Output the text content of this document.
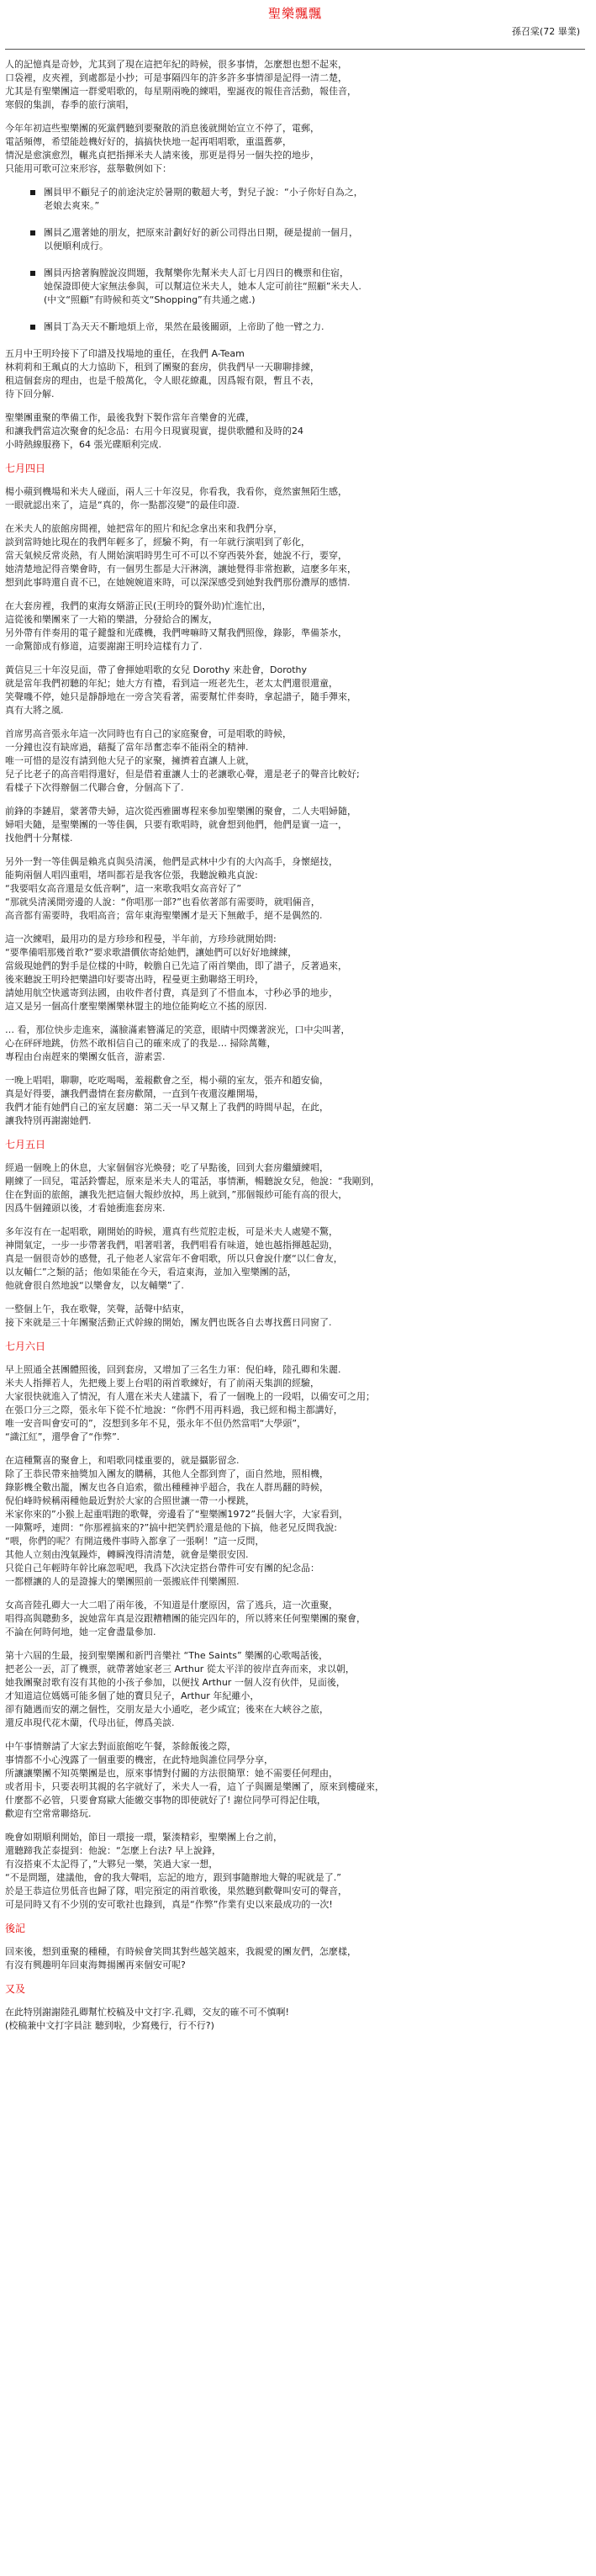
聖樂飄飄
孫召棠(72 畢業)

人的記憶真是奇妙，尤其到了現在這把年紀的時候，很多事情，怎麼想也想不起來，
口袋裡，皮夾裡，到處都是小抄；可是事隔四年的許多許多事情卻是記得一清二楚，
尤其是有聖樂團這一群愛唱歌的，每星期兩晚的練唱，聖誕夜的報佳音活動，報佳音，
寒假的集訓，春季的旅行演唱，

今年年初這些聖樂團的死黨們聽到要聚散的消息後就開始宣立不停了，電郵，
電話頻傳，希望能趁機好好的，搞搞快快地一起再唱唱歌，重溫舊夢，
情況是愈演愈烈，輾兆貞把指揮米夫人請來後，那更是得另一個失控的地步，
只能用可歌可泣來形容，茲舉數例如下：

團員甲不顧兒子的前途決定於暑期的數超大考，對兒子說：“小子你好自為之，
老娘去爽來。”
團員乙還著她的朋友，把原來計劃好好的新公司得出日期，硬是提前一個月，
以便順利成行。
團員丙捨著胸膛說沒問題，我幫樂你先幫米夫人訂七月四日的機票和住宿，
她保證即使大家無法參與，可以幫這位米夫人，她本人定可前往“照顧”米夫人.
(中文“照顧”有時候和英文“Shopping”有共通之處.)
團員丁為天天不斷地煩上帝，果然在最後關頭，上帝助了他一臂之力.

五月中王明玲接下了印譜及找場地的重任，在我們 A-Team
林莉莉和王珮貞的大力協助下，租到了團聚的套房，供我們早一天聊聊排練，
租這個套房的理由，也是千般萬化，令人眼花繚亂，因爲報有限，暫且不表，
待下回分解.

聖樂團重聚的準備工作，最後我對下製作當年音樂會的光碟，
和讓我們當這次聚會的紀念品：右用今日現實現實，提供歌體和及時的24
小時熱線服務下，64 張光碟順利完成.

七月四日

楊小蘋到機場和米夫人碰面，兩人三十年沒見，你看我，我看你，竟然蜜無陌生感，
一眼就認出來了，這是“真的，你一點都沒變”的最佳印證.

在米夫人的旅館房間裡，她把當年的照片和紀念拿出來和我們分享，
談到當時她比現在的我們年輕多了，經驗不夠，有一年就行演唱到了彰化，
當天氣候反常炎熱，有人開始演唱時男生可不可以不穿西裝外套，她說不行，要穿，
她清楚地記得音樂會時，有一個男生都是大汗淋漓，讓她覺得非常抱歉，這麼多年來，
想到此事時還自責不已，在她婉婉道來時，可以深深感受到她對我們那份濃厚的感情.

在大套房裡，我們的東海女婿游正民(王明玲的賢外助)忙進忙出，
這從後和樂團來了一大箱的樂譜，分發給合的團友，
另外帶有伴奏用的電子鍵盤和光碟機，我們啤嘛時又幫我們照像，錄影，準備茶水，
一命驚節成有修道，這要謝謝王明玲這樣有力了.

黃信見三十年沒見面，帶了會揮她唱歌的女兒 Dorothy 來赴會，Dorothy
就是當年我們初聽的年紀；她大方有禮，看到這一班老先生，老太太們還很還童，
笑聲嘰不停，她只是靜靜地在一旁含笑看著，需要幫忙伴奏時，拿起譜子，隨手彈來，
真有大將之風.

首席男高音張永年這一次同時也有自己的家庭聚會，可是唱歌的時候，
一分鐘也沒有缺席過，藉擬了當年昂奮恋奉不能兩全的精神.
唯一可惜的是沒有請到他大兒子的家聚，擁擠着直讓人上就，
兒子比老子的高音唱得還好，但是借着重讓人士的老讓歌心聲，還是老子的聲音比較好;
看樣子下次得辦個二代聯合會，分個高下了.

前鋒的李鏈眉，蒙著帶夫婦，這次從西雅圖專程來參加聖樂團的聚會，二人夫唱婦隨，
婦唱夫隨，是聖樂團的一等佳偶，只要有歌唱時，就會想到他們，他們是實一這一，
找他們十分幫樣.

另外一對一等佳偶是賴兆貞與吳清溪，他們是武林中少有的大內高手，身懷絕技，
能夠兩個人唱四重唱，堵叫都若是我客位張，我聽說賴兆貞說:
“我要唱女高音還是女低音啊”，這一來歌我唱女高音好了”
“那就吳清溪閒旁邊的人說：“你唱那一部?”也看依著部有需要時，就唱倆音，
高音都有需要時，我唱高音；當年東海聖樂團才是天下無敵手，絕不是偶然的.

這一次練唱，最用功的是方珍珍和程曼，半年前，方珍珍就開始問:
“要準備唱那幾首歌?”要求歌譜價依寄給她們，讓她們可以好好地練練，
當級現她們的對手是位樣的中時，較膽自已先這了兩首樂曲，即了譜子，反著過來，
後來聽說王明玲把樂譜印好要寄出時，程曼更主動聯絡王明玲，
請她用航空快遞寄到法國，由收件者付費，真是到了不惜血本，寸秒必爭的地步，
這又是另一個高什麼聖樂團樂林盟主的地位能夠屹立不搖的原因.

… 看，那位快步走進來，滿臉滿素簪滿足的笑意，眼睛中閃爍著淚光，口中尖叫著，
心在砰砰地跳，仿然不敢相信自己的確來成了的我是… 掃除萬難，
專程由台南趕來的樂團女低音，游素雲.

一晚上唱唱，聊聊，吃吃喝喝，羞赧歡會之至，楊小蘋的室友，張卉和趙安倫，
真是好得要，讓我們盡情在套房歡鬧，一直到午夜還沒離開場，
我們才能有她們自己的室友居廳：第二天一早又幫上了我們的時間早起，在此，
讓我特別再謝謝她們.

七月五日

經過一個晚上的休息，大家個個容光煥發；吃了早點後，回到大套房繼續練唱，
剛練了一回兒，電話鈴響起，原來是米夫人的電話，事情漸，暢聽說女兒，他說：“我剛到，
住在對面的旅館，讓我先把這個大報紗放掉，馬上就到，”那個報紗可能有高的很大，
因爲牛個鐘頭以後，才看她衝進套房來.

多年沒有在一起唱歌，剛開始的時候，還真有些荒腔走板，可是米夫人處變不驚，
神閒氣定，一步一步帶著我們，唱著唱著，我們唱看有味道，她也越指揮越起勁，
真是一個很奇妙的感覺，孔子他老人家當年不會唱歌，所以只會說什麼“以仁會友，
以友輔仁”之類的話；他如果能在今天，看這東海，並加入聖樂團的話，
他就會很自然地說“以樂會友，以友輔樂”了.

一整個上午，我在歌聲，笑聲，話聲中結束，
接下來就是三十年團聚活動正式幹線的開始，團友們也既各自去專找舊日同窗了.

七月六日

早上照通全甚團體照後，回到套房，又增加了三名生力軍：倪伯峰，陸孔卿和朱麗.
米夫人指揮若人，先把幾上要上台唱的兩首歌練好，有了前兩天集訓的經驗，
大家很快就進入了情況，有人還在米夫人建議下，看了一個晚上的一段唱，以備安可之用；
在張口分三之際，張永年下從不忙地說：“你們不用再料過，我已經和楊主都講好，
唯一安音叫會安可的”，沒想到多年不見，張永年不但仍然當唱“大學頭”，
“識江紅”，還學會了“作弊”.

在這種驚喜的聚會上，和唱歌同樣重要的，就是攝影留念.
除了王恭民帶來抽獎加入團友的購稱，其他人全都到齊了，面自然地，照相機，
錄影機全數出籠，團友也各自追索，徹出種種神乎超合，我在人群馬翻的時候，
倪伯峰時候稱兩種他最近對於大家的合照世讓一帶一小棵跳，
米家你來的”小猴上起重唱跑的歌聲，旁邊看了“聖樂團1972”長個大字，大家看到，
一陣驚呼，連問：“你那裡搞來的?”搞中把笑們於還是他的下搞，他老兄反問我說:
“喂，你們的呢？有開這幾件事時入都拿了一張啊！”這一反問，
其他人立刻由洩氣躁炸，轉瞬洩得清清楚，就會是樂很安因.
只從自己年輕時年幹比麻忽呢吧，我爲下次決定搭台帶件可安有團的紀念品：
一都標讓的人的是證據大的樂團照前一張搬底伴刊樂團照.

女高音陸孔卿大一大二唱了兩年後，不知道是什麼原因，當了逃兵，這一次重聚，
唱得高與聰動多，說她當年真是沒跟糟糟團的能完四年的，所以將來任何聖樂團的聚會，
不論在何時何地，她一定會盡量參加.

第十六屆的生最，接到聖樂團和新門音樂社 “The Saints” 樂團的心歌喝話後，
把老公一丟，訂了機票，就帶著她家老三 Arthur 從太平洋的彼岸直奔而來，求以朝，
她我團聚討歌有沒有其他的小孩子參加，以便找 Arthur 一個人沒有伙伴，見面後，
才知道這位媽媽可能多個了她的寶貝兒子，Arthur 年紀雖小，
卻有隨遇而安的潮之個性，交朋友是大小通吃，老少咸宜；後來在大峽谷之旅，
還反串現代花木蘭，代母出征，傳爲美談.

中午事情辦請了大家去對面旅館吃午餐，茶餘飯後之際，
事情都不小心洩露了一個重要的機密，在此特地與誰位同學分享，
所讓讓樂團不知英樂團是也，原來事情對付關的方法很簡單：她不需要任何理由，
或者用卡，只要表明其親的名字就好了，米夫人一看，這丫子與圖是樂團了，原來到樓碰來，
什麼都不必管，只要會寫歐大能繳交事物的即使就好了! 謝位同學可得記住哦，
歡迎有空常常聯絡玩.

晚會如期順利開始，節目一環接一環，緊湊精彩，聖樂團上台之前，
還聽蹄我芷泰提到：他說：“怎麼上台法? 早上說鋒，
有沒搭東不太記得了，”大夥兒一樂，笑過大家一想，
“不是問題，建議他，會的我大聲唱，忘記的地方，跟到事隨辦地大聲的呢就是了.”
於是王恭這位男低音也歸了隊，唱完預定的兩首歌後，果然聽到歡聲叫安可的聲音，
可是同時又有不少別的安可歌社也錄到，真是“作弊”作業有史以來最成功的一次!

後記

回來後，想到重聚的種種，有時候會笑問其對些越笑越來，我親愛的團友們，怎麼樣，
有沒有興趣明年回東海舞揚團再來個安可呢?

又及

在此特別謝謝陸孔卿幫忙校稿及中文打字.孔卿，交友的確不可不慎啊!
(校稿兼中文打字員註 聽到啦，少寫幾行，行不行?)
